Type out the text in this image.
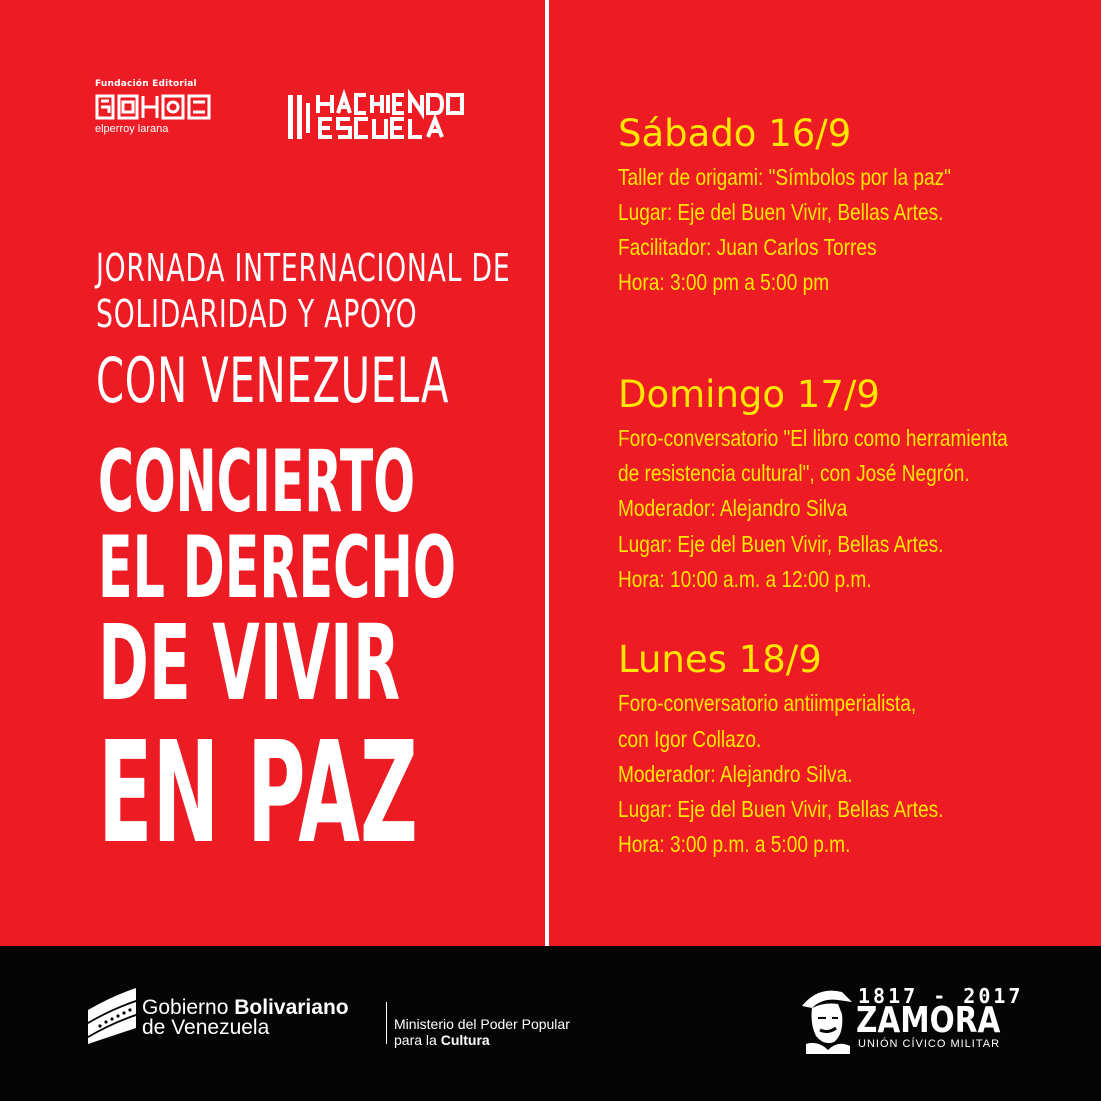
Fundación Editorial
elperroy larana
JORNADA INTERNACIONAL DE
SOLIDARIDAD Y APOYO
CON VENEZUELA
CONCIERTO
EL DERECHO
DE VIVIR
EN PAZ
Sábado 16/9
Taller de origami: "Símbolos por la paz"
Lugar: Eje del Buen Vivir, Bellas Artes.
Facilitador: Juan Carlos Torres
Hora: 3:00 pm a 5:00 pm
Domingo 17/9
Foro-conversatorio "El libro como herramienta
de resistencia cultural", con José Negrón.
Moderador: Alejandro Silva
Lugar: Eje del Buen Vivir, Bellas Artes.
Hora: 10:00 a.m. a 12:00 p.m.
Lunes 18/9
Foro-conversatorio antiimperialista,
con Igor Collazo.
Moderador: Alejandro Silva.
Lugar: Eje del Buen Vivir, Bellas Artes.
Hora: 3:00 p.m. a 5:00 p.m.
Gobierno Bolivariano
de Venezuela	Ministerio del Poder Popular
para la Cultura
1817 - 2017
ZAMORA
UNIÓN CÍVICO MILITAR
